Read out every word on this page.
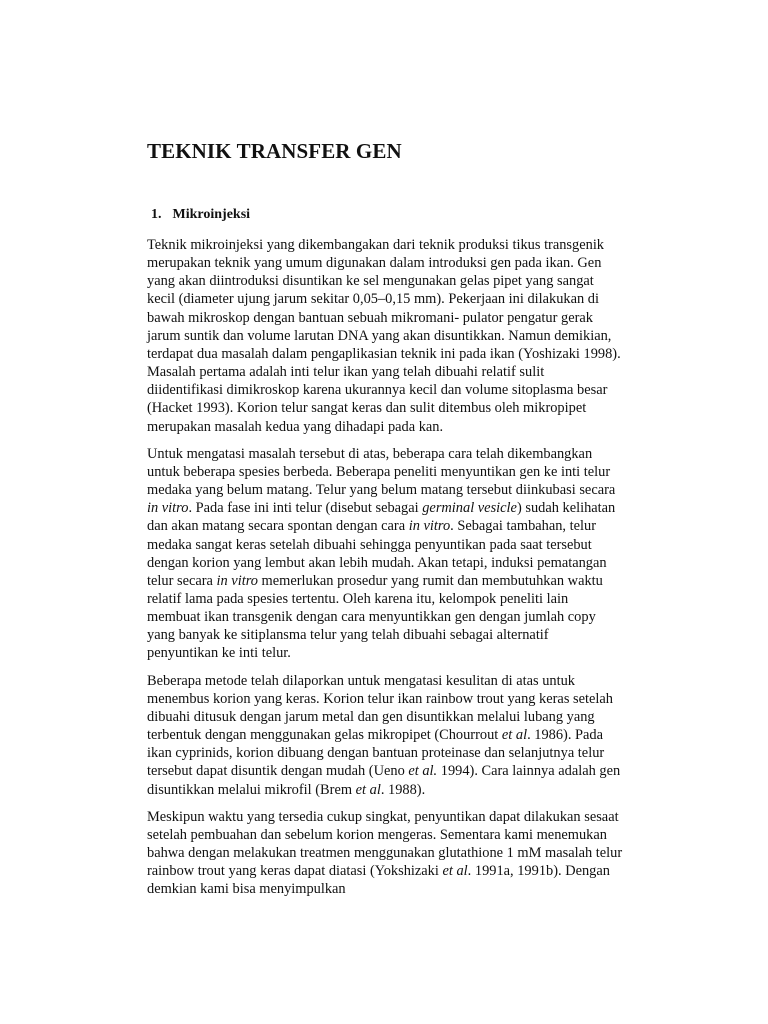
TEKNIK TRANSFER GEN
1. Mikroinjeksi

Teknik mikroinjeksi yang dikembangakan dari teknik produksi tikus transgenik
merupakan teknik yang umum digunakan dalam introduksi gen pada ikan. Gen
yang akan diintroduksi disuntikan ke sel mengunakan gelas pipet yang sangat
kecil (diameter ujung jarum sekitar 0,05–0,15 mm). Pekerjaan ini dilakukan di
bawah mikroskop dengan bantuan sebuah mikromani- pulator pengatur gerak
jarum suntik dan volume larutan DNA yang akan disuntikkan. Namun demikian,
terdapat dua masalah dalam pengaplikasian teknik ini pada ikan (Yoshizaki 1998).
Masalah pertama adalah inti telur ikan yang telah dibuahi relatif sulit
diidentifikasi dimikroskop karena ukurannya kecil dan volume sitoplasma besar
(Hacket 1993). Korion telur sangat keras dan sulit ditembus oleh mikropipet
merupakan masalah kedua yang dihadapi pada kan.

Untuk mengatasi masalah tersebut di atas, beberapa cara telah dikembangkan
untuk beberapa spesies berbeda. Beberapa peneliti menyuntikan gen ke inti telur
medaka yang belum matang. Telur yang belum matang tersebut diinkubasi secara
in vitro. Pada fase ini inti telur (disebut sebagai germinal vesicle) sudah kelihatan
dan akan matang secara spontan dengan cara in vitro. Sebagai tambahan, telur
medaka sangat keras setelah dibuahi sehingga penyuntikan pada saat tersebut
dengan korion yang lembut akan lebih mudah. Akan tetapi, induksi pematangan
telur secara in vitro memerlukan prosedur yang rumit dan membutuhkan waktu
relatif lama pada spesies tertentu. Oleh karena itu, kelompok peneliti lain
membuat ikan transgenik dengan cara menyuntikkan gen dengan jumlah copy
yang banyak ke sitiplansma telur yang telah dibuahi sebagai alternatif
penyuntikan ke inti telur.

Beberapa metode telah dilaporkan untuk mengatasi kesulitan di atas untuk
menembus korion yang keras. Korion telur ikan rainbow trout yang keras setelah
dibuahi ditusuk dengan jarum metal dan gen disuntikkan melalui lubang yang
terbentuk dengan menggunakan gelas mikropipet (Chourrout et al. 1986). Pada
ikan cyprinids, korion dibuang dengan bantuan proteinase dan selanjutnya telur
tersebut dapat disuntik dengan mudah (Ueno et al. 1994). Cara lainnya adalah gen
disuntikkan melalui mikrofil (Brem et al. 1988).

Meskipun waktu yang tersedia cukup singkat, penyuntikan dapat dilakukan sesaat
setelah pembuahan dan sebelum korion mengeras. Sementara kami menemukan
bahwa dengan melakukan treatmen menggunakan glutathione 1 mM masalah telur
rainbow trout yang keras dapat diatasi (Yokshizaki et al. 1991a, 1991b). Dengan
demkian kami bisa menyimpulkan
